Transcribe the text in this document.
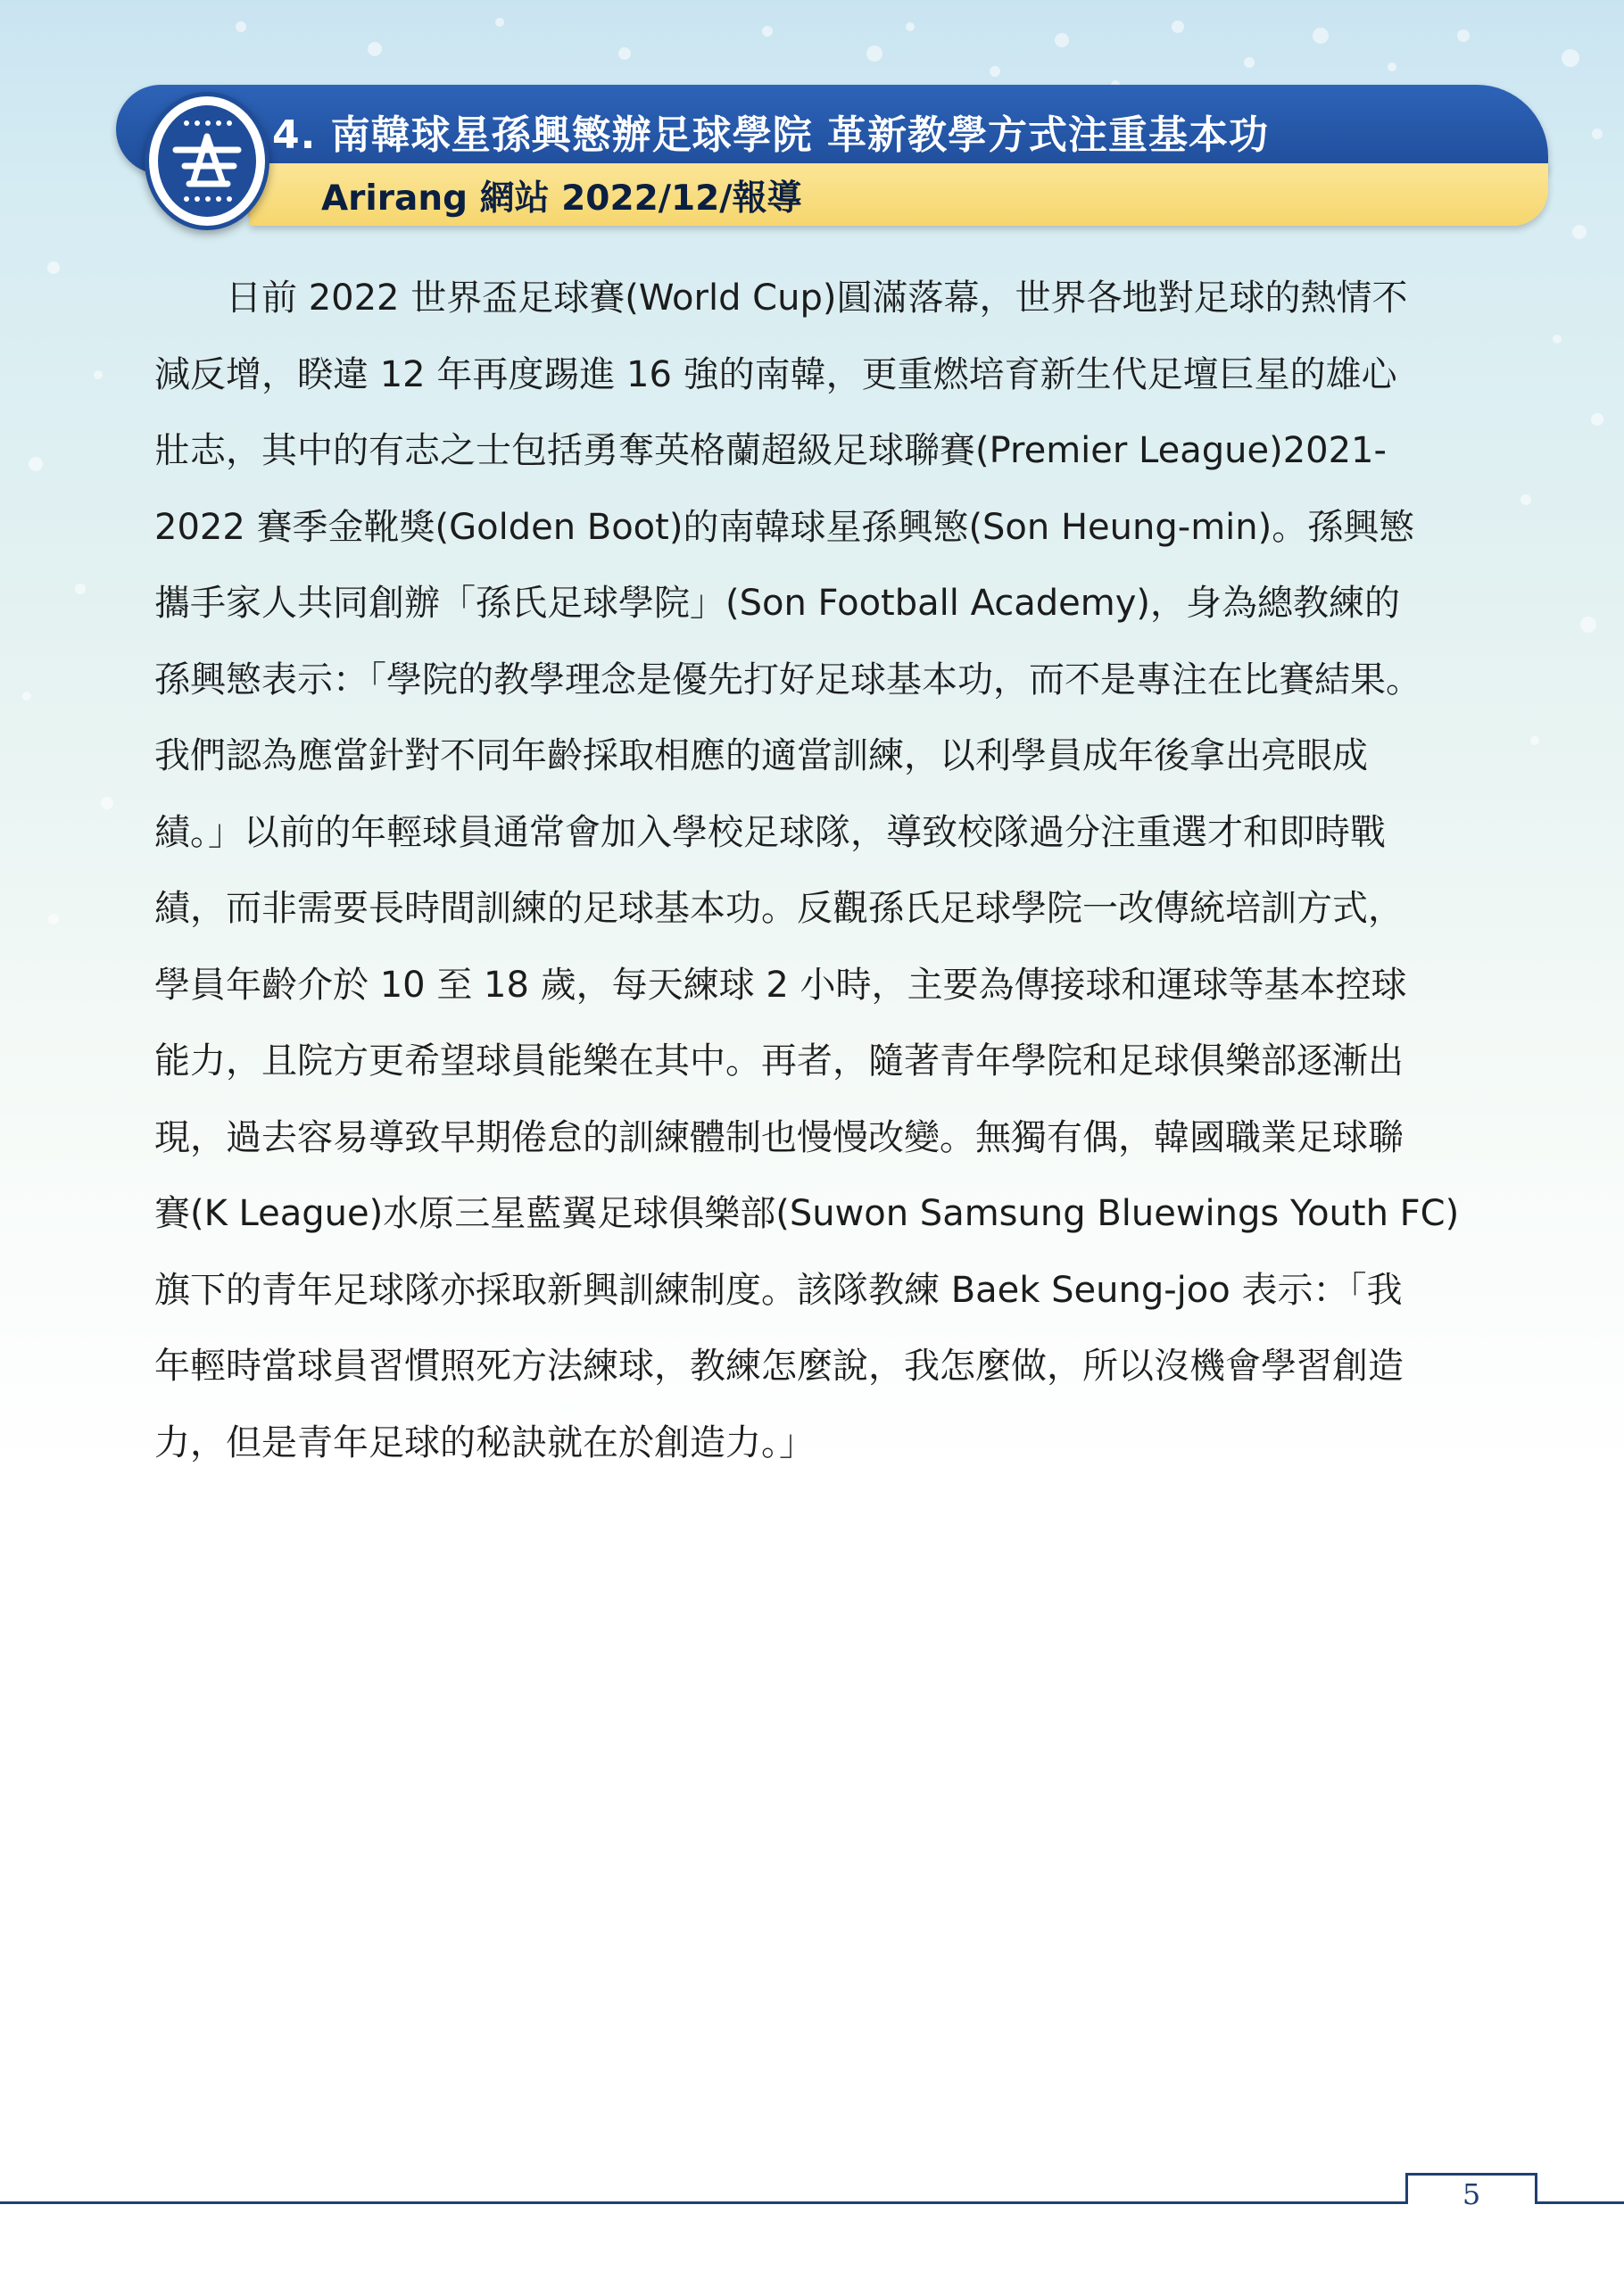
4. 南韓球星孫興慜辦足球學院 革新教學方式注重基本功
Arirang 網站 2022/12/報導
日前 2022 世界盃足球賽(World Cup)圓滿落幕，世界各地對足球的熱情不
減反增，睽違 12 年再度踢進 16 強的南韓，更重燃培育新生代足壇巨星的雄心
壯志，其中的有志之士包括勇奪英格蘭超級足球聯賽(Premier League)2021-
2022 賽季金靴獎(Golden Boot)的南韓球星孫興慜(Son Heung-min)。孫興慜
攜手家人共同創辦「孫氏足球學院」(Son Football Academy)，身為總教練的
孫興慜表示：「學院的教學理念是優先打好足球基本功，而不是專注在比賽結果。
我們認為應當針對不同年齡採取相應的適當訓練，以利學員成年後拿出亮眼成
績。」以前的年輕球員通常會加入學校足球隊，導致校隊過分注重選才和即時戰
績，而非需要長時間訓練的足球基本功。反觀孫氏足球學院一改傳統培訓方式，
學員年齡介於 10 至 18 歲，每天練球 2 小時，主要為傳接球和運球等基本控球
能力，且院方更希望球員能樂在其中。再者，隨著青年學院和足球俱樂部逐漸出
現，過去容易導致早期倦怠的訓練體制也慢慢改變。無獨有偶，韓國職業足球聯
賽(K League)水原三星藍翼足球俱樂部(Suwon Samsung Bluewings Youth FC)
旗下的青年足球隊亦採取新興訓練制度。該隊教練 Baek Seung-joo 表示：「我
年輕時當球員習慣照死方法練球，教練怎麼說，我怎麼做，所以沒機會學習創造
力，但是青年足球的秘訣就在於創造力。」
5
